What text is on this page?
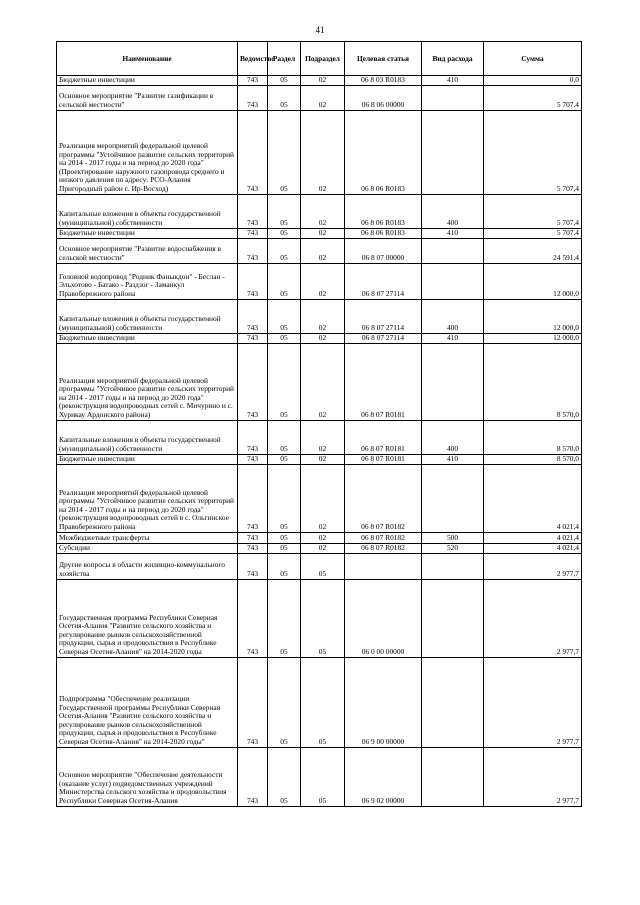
41
Наименование	Ведомство	Раздел	Подраздел	Целевая статья	Вид расхода	Сумма
Бюджетные инвестиции	743	05	02	06 8 03 R0183	410	0,0
Основное мероприятие "Развитие газификации в сельской местности"	743	05	02	06 8 06 00000		5 707,4
Реализация мероприятий федеральной целевой программы "Устойчивое развитие сельских территорий на 2014 - 2017 годы и на период до 2020 года" (Проектирование наружного газопровода среднего и низкого давления по адресу: РСО-Алания Пригородный район с. Ир-Восход)	743	05	02	06 8 06 R0183		5 707,4
Капитальные вложения в объекты государственной (муниципальной) собственности	743	05	02	06 8 06 R0183	400	5 707,4
Бюджетные инвестиции	743	05	02	06 8 06 R0183	410	5 707,4
Основное мероприятие "Развитие водоснабжения в сельской местности"	743	05	02	06 8 07 00000		24 591,4
Головной водопровод "Родник Фаныкдон" - Беслан - Эльхотово - Батако - Раздзог - Заманкул Правобережного района	743	05	02	06 8 07 27114		12 000,0
Капитальные вложения в объекты государственной (муниципальной) собственности	743	05	02	06 8 07 27114	400	12 000,0
Бюджетные инвестиции	743	05	02	06 8 07 27114	410	12 000,0
Реализация мероприятий федеральной целевой программы "Устойчивое развитие сельских территорий на 2014 - 2017 годы и на период до 2020 года" (реконструкция водопроводных сетей с. Мичурино и с. Хурикау Ардонского района)	743	05	02	06 8 07 R0181		8 570,0
Капитальные вложения в объекты государственной (муниципальной) собственности	743	05	02	06 8 07 R0181	400	8 570,0
Бюджетные инвестиции	743	05	02	06 8 07 R0181	410	8 570,0
Реализация мероприятий федеральной целевой программы "Устойчивое развитие сельских территорий на 2014 - 2017 годы и на период до 2020 года" (реконструкция водопроводных сетей в с. Ольгинское Правобережного района	743	05	02	06 8 07 R0182		4 021,4
Межбюджетные трансферты	743	05	02	06 8 07 R0182	500	4 021,4
Субсидии	743	05	02	06 8 07 R0182	520	4 021,4
Другие вопросы в области жилищно-коммунального хозяйства	743	05	05			2 977,7
Государственная программа Республики Северная Осетия-Алания "Развитие сельского хозяйства и регулирование рынков сельскохозяйственной продукции, сырья и продовольствия в Республике Северная Осетия-Алания" на 2014-2020 годы	743	05	05	06 0 00 00000		2 977,7
Подпрограмма "Обеспечение реализации Государственной программы Республики Северная Осетия-Алания "Развитие сельского хозяйства и регулирование рынков сельскохозяйственной продукции, сырья и продовольствия в Республике Северная Осетия-Алания" на 2014-2020 годы"	743	05	05	06 9 00 00000		2 977,7
Основное мероприятие "Обеспечение деятельности (оказание услуг) подведомственных учреждений Министерства сельского хозяйства и продовольствия Республики Северная Осетия-Алания	743	05	05	06 9 02 00000		2 977,7
